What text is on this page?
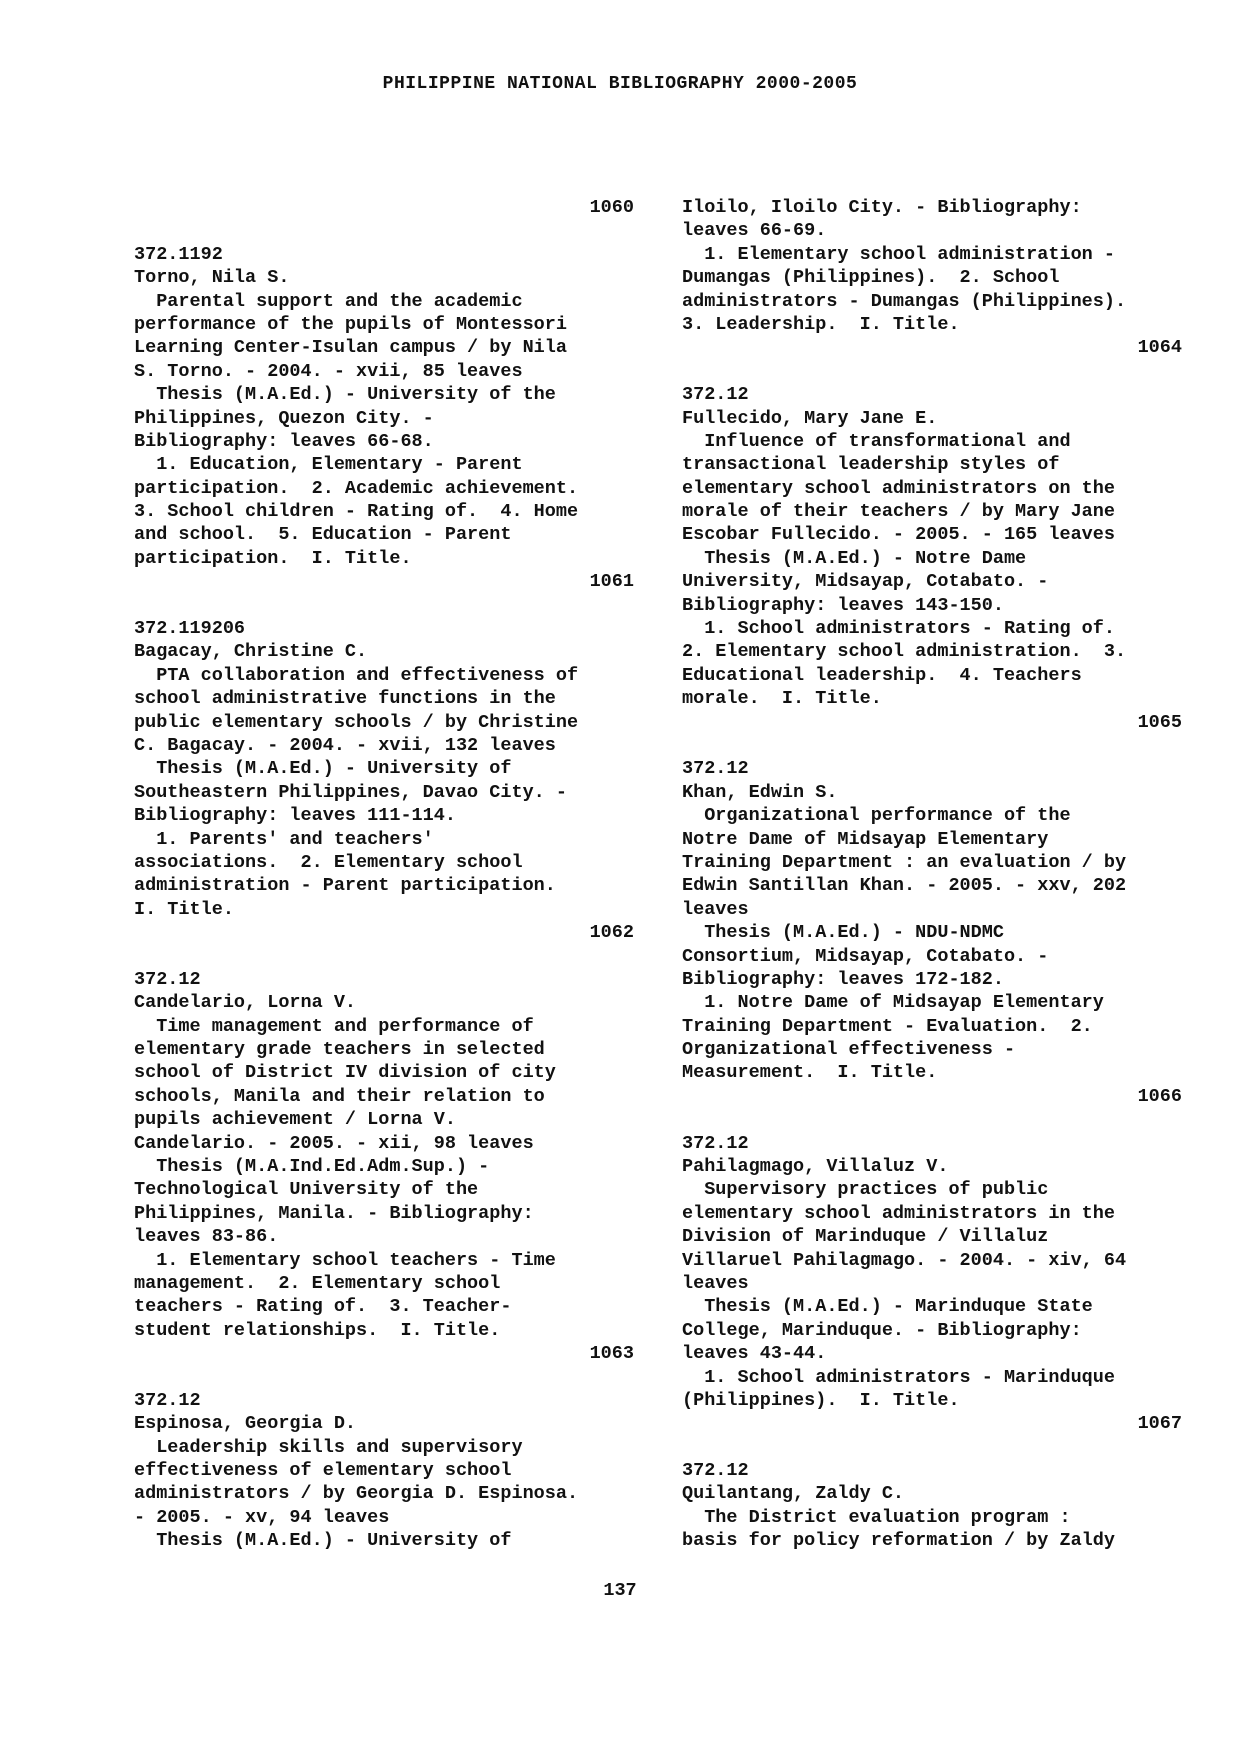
PHILIPPINE NATIONAL BIBLIOGRAPHY 2000-2005
1060
372.1192
Torno, Nila S.
Parental support and the academic
performance of the pupils of Montessori
Learning Center-Isulan campus / by Nila
S. Torno. - 2004. - xvii, 85 leaves
Thesis (M.A.Ed.) - University of the
Philippines, Quezon City. -
Bibliography: leaves 66-68.
1. Education, Elementary - Parent
participation.  2. Academic achievement.
3. School children - Rating of.  4. Home
and school.  5. Education - Parent
participation.  I. Title.
1061
372.119206
Bagacay, Christine C.
PTA collaboration and effectiveness of
school administrative functions in the
public elementary schools / by Christine
C. Bagacay. - 2004. - xvii, 132 leaves
Thesis (M.A.Ed.) - University of
Southeastern Philippines, Davao City. -
Bibliography: leaves 111-114.
1. Parents' and teachers'
associations.  2. Elementary school
administration - Parent participation.
I. Title.
1062
372.12
Candelario, Lorna V.
Time management and performance of
elementary grade teachers in selected
school of District IV division of city
schools, Manila and their relation to
pupils achievement / Lorna V.
Candelario. - 2005. - xii, 98 leaves
Thesis (M.A.Ind.Ed.Adm.Sup.) -
Technological University of the
Philippines, Manila. - Bibliography:
leaves 83-86.
1. Elementary school teachers - Time
management.  2. Elementary school
teachers - Rating of.  3. Teacher-
student relationships.  I. Title.
1063
372.12
Espinosa, Georgia D.
Leadership skills and supervisory
effectiveness of elementary school
administrators / by Georgia D. Espinosa.
- 2005. - xv, 94 leaves
Thesis (M.A.Ed.) - University of
Iloilo, Iloilo City. - Bibliography:
leaves 66-69.
1. Elementary school administration -
Dumangas (Philippines).  2. School
administrators - Dumangas (Philippines).
3. Leadership.  I. Title.
1064
372.12
Fullecido, Mary Jane E.
Influence of transformational and
transactional leadership styles of
elementary school administrators on the
morale of their teachers / by Mary Jane
Escobar Fullecido. - 2005. - 165 leaves
Thesis (M.A.Ed.) - Notre Dame
University, Midsayap, Cotabato. -
Bibliography: leaves 143-150.
1. School administrators - Rating of.
2. Elementary school administration.  3.
Educational leadership.  4. Teachers
morale.  I. Title.
1065
372.12
Khan, Edwin S.
Organizational performance of the
Notre Dame of Midsayap Elementary
Training Department : an evaluation / by
Edwin Santillan Khan. - 2005. - xxv, 202
leaves
Thesis (M.A.Ed.) - NDU-NDMC
Consortium, Midsayap, Cotabato. -
Bibliography: leaves 172-182.
1. Notre Dame of Midsayap Elementary
Training Department - Evaluation.  2.
Organizational effectiveness -
Measurement.  I. Title.
1066
372.12
Pahilagmago, Villaluz V.
Supervisory practices of public
elementary school administrators in the
Division of Marinduque / Villaluz
Villaruel Pahilagmago. - 2004. - xiv, 64
leaves
Thesis (M.A.Ed.) - Marinduque State
College, Marinduque. - Bibliography:
leaves 43-44.
1. School administrators - Marinduque
(Philippines).  I. Title.
1067
372.12
Quilantang, Zaldy C.
The District evaluation program :
basis for policy reformation / by Zaldy
137
